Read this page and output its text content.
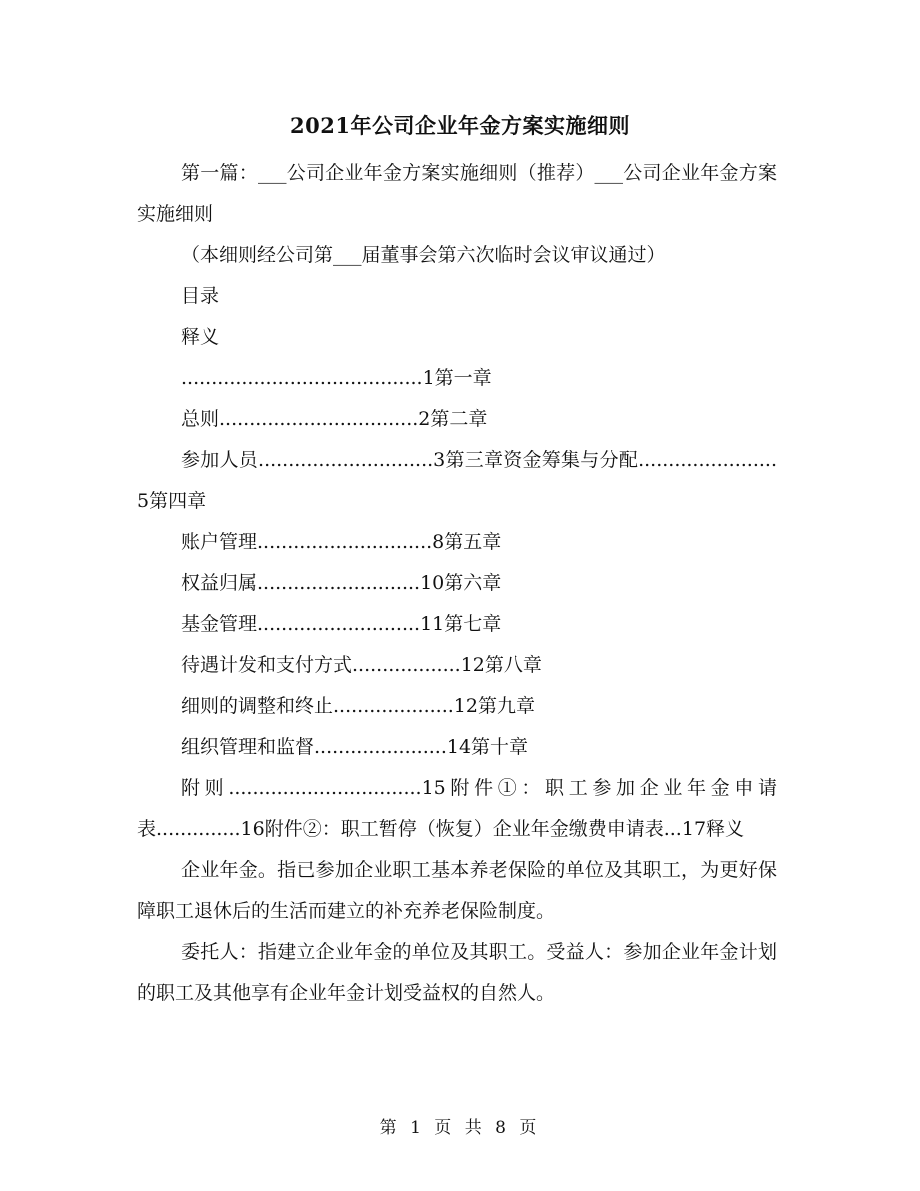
2021年公司企业年金方案实施细则

第一篇：___公司企业年金方案实施细则（推荐）___公司企业年金方案实施细则

（本细则经公司第___届董事会第六次临时会议审议通过）

目录

释义

........................................1第一章

总则.................................2第二章

参加人员.............................3第三章资金筹集与分配.......................5第四章

账户管理.............................8第五章

权益归属...........................10第六章

基金管理...........................11第七章

待遇计发和支付方式..................12第八章

细则的调整和终止....................12第九章

组织管理和监督......................14第十章

附则................................15附件①：职工参加企业年金申请表..............16附件②：职工暂停（恢复）企业年金缴费申请表...17释义

企业年金。指已参加企业职工基本养老保险的单位及其职工，为更好保障职工退休后的生活而建立的补充养老保险制度。

委托人：指建立企业年金的单位及其职工。受益人：参加企业年金计划的职工及其他享有企业年金计划受益权的自然人。

第 1 页 共 8 页
